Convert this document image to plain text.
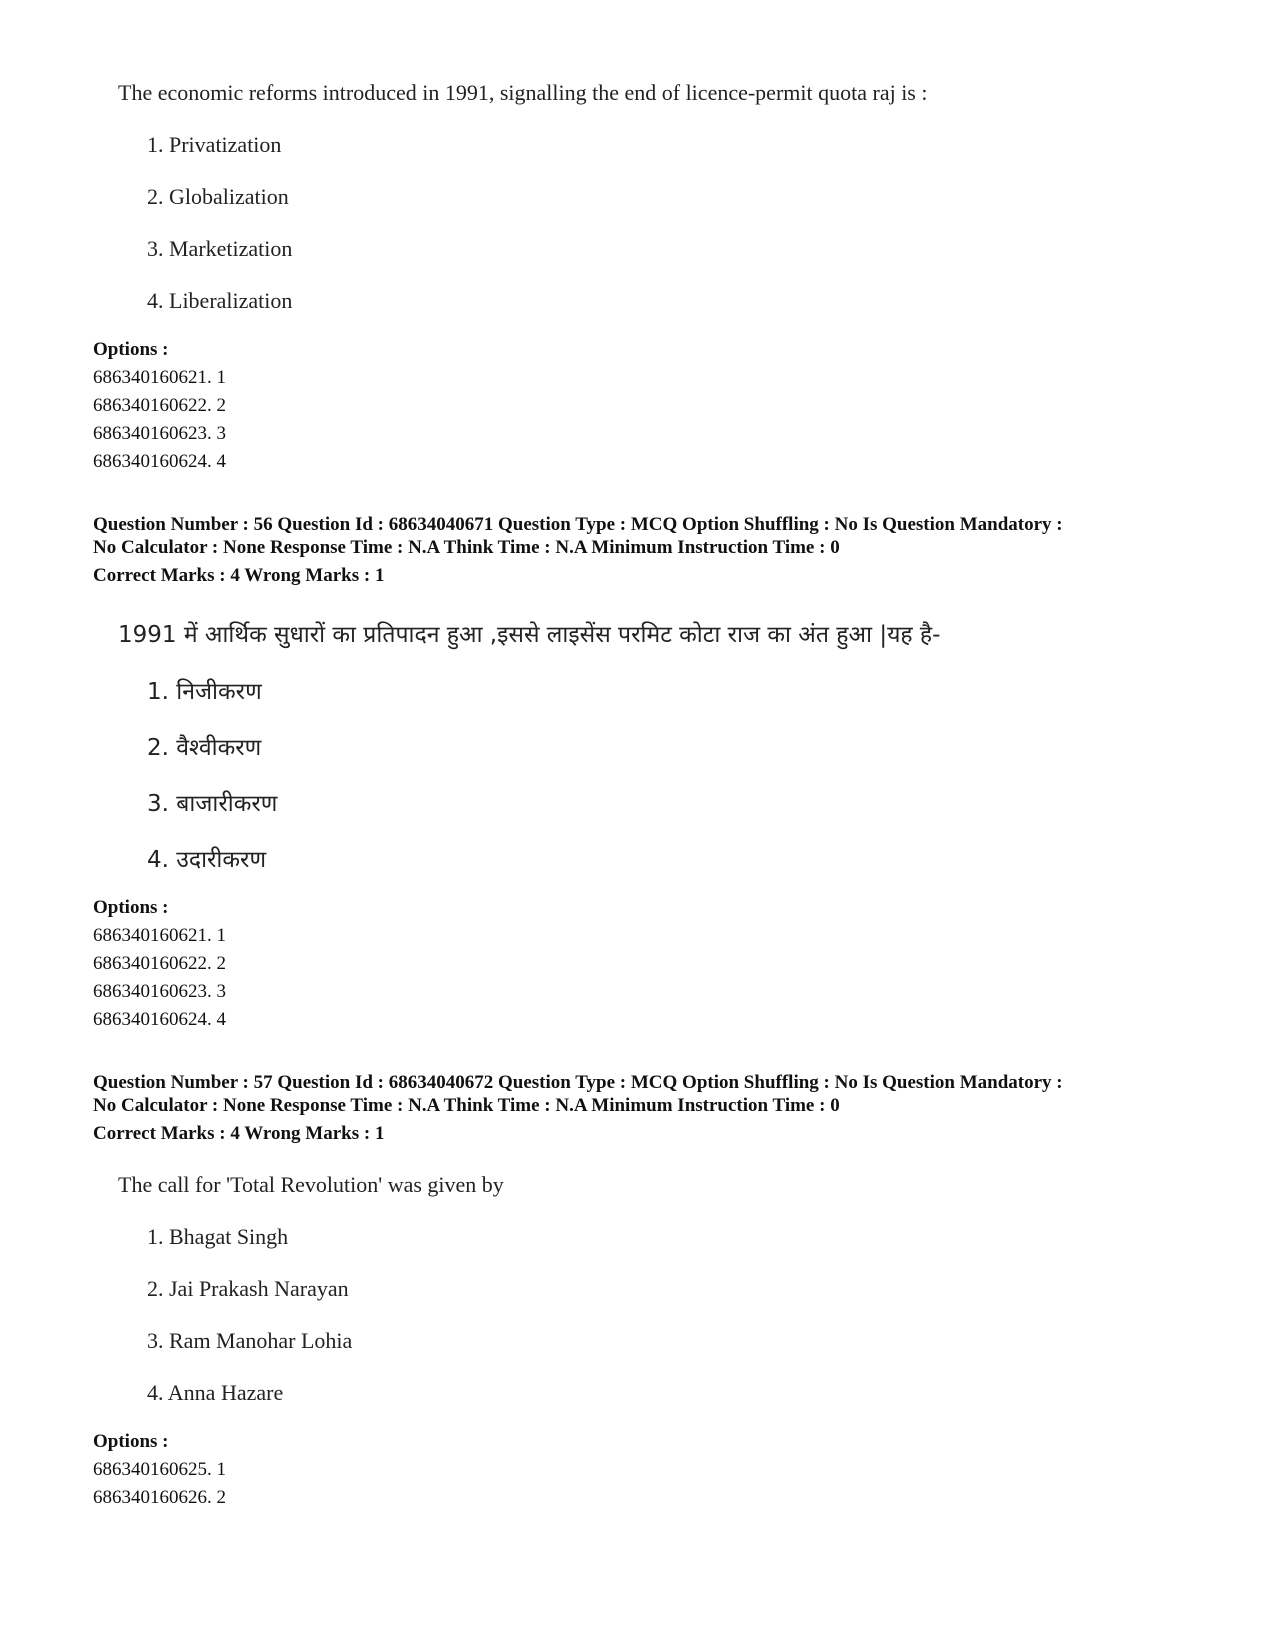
The economic reforms introduced in 1991, signalling the end of licence-permit quota raj is :
1. Privatization
2. Globalization
3. Marketization
4. Liberalization
Options :
686340160621. 1
686340160622. 2
686340160623. 3
686340160624. 4
Question Number : 56 Question Id : 68634040671 Question Type : MCQ Option Shuffling : No Is Question Mandatory :
No Calculator : None Response Time : N.A Think Time : N.A Minimum Instruction Time : 0
Correct Marks : 4 Wrong Marks : 1
1991 में आर्थिक सुधारों का प्रतिपादन हुआ ,इससे लाइसेंस परमिट कोटा राज का अंत हुआ |यह है-
1. निजीकरण
2. वैश्वीकरण
3. बाजारीकरण
4. उदारीकरण
Options :
686340160621. 1
686340160622. 2
686340160623. 3
686340160624. 4
Question Number : 57 Question Id : 68634040672 Question Type : MCQ Option Shuffling : No Is Question Mandatory :
No Calculator : None Response Time : N.A Think Time : N.A Minimum Instruction Time : 0
Correct Marks : 4 Wrong Marks : 1
The call for 'Total Revolution' was given by
1. Bhagat Singh
2. Jai Prakash Narayan
3. Ram Manohar Lohia
4. Anna Hazare
Options :
686340160625. 1
686340160626. 2
